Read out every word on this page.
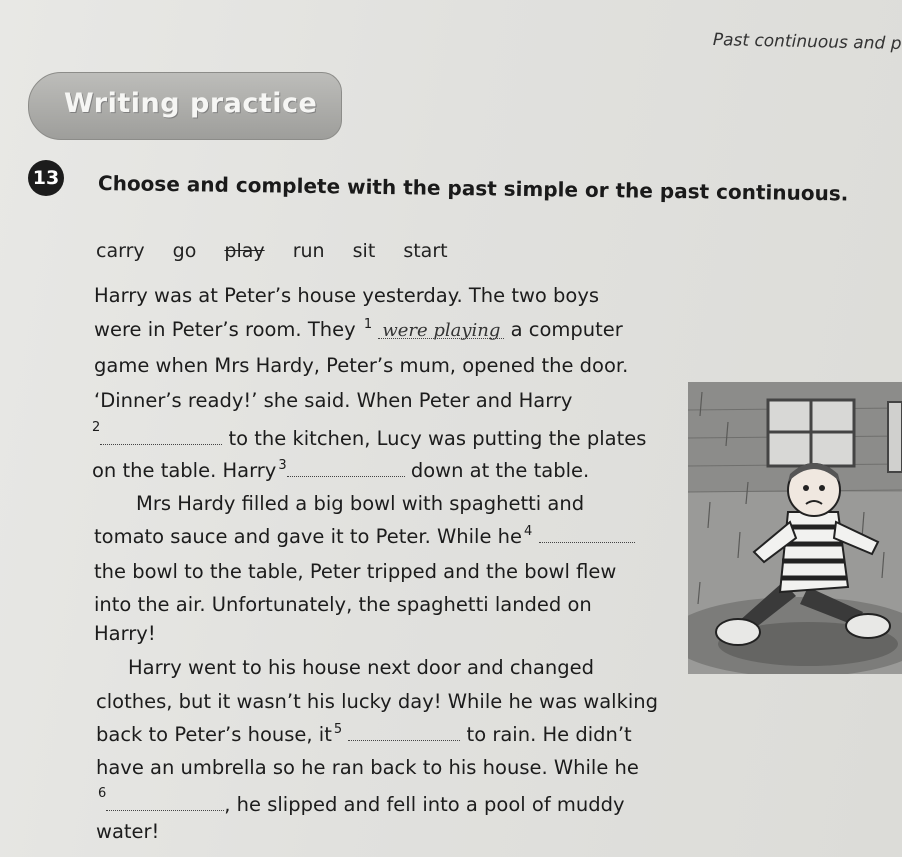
Past continuous and p
Writing practice
13 Choose and complete with the past simple or the past continuous.
carry go play run sit start
Harry was at Peter’s house yesterday. The two boys
were in Peter’s room. They $^1$ were playing a computer
game when Mrs Hardy, Peter’s mum, opened the door.
‘Dinner’s ready!’ she said. When Peter and Harry
$^2$	to the kitchen, Lucy was putting the plates
on the table. Harry $^3$	down at the table.
Mrs Hardy filled a big bowl with spaghetti and
tomato sauce and gave it to Peter. While he $^4$
the bowl to the table, Peter tripped and the bowl flew
into the air. Unfortunately, the spaghetti landed on
Harry!
Harry went to his house next door and changed
clothes, but it wasn’t his lucky day! While he was walking
back to Peter’s house, it $^5$	to rain. He didn’t
have an umbrella so he ran back to his house. While he
$^6$	, he slipped and fell into a pool of muddy
water!
